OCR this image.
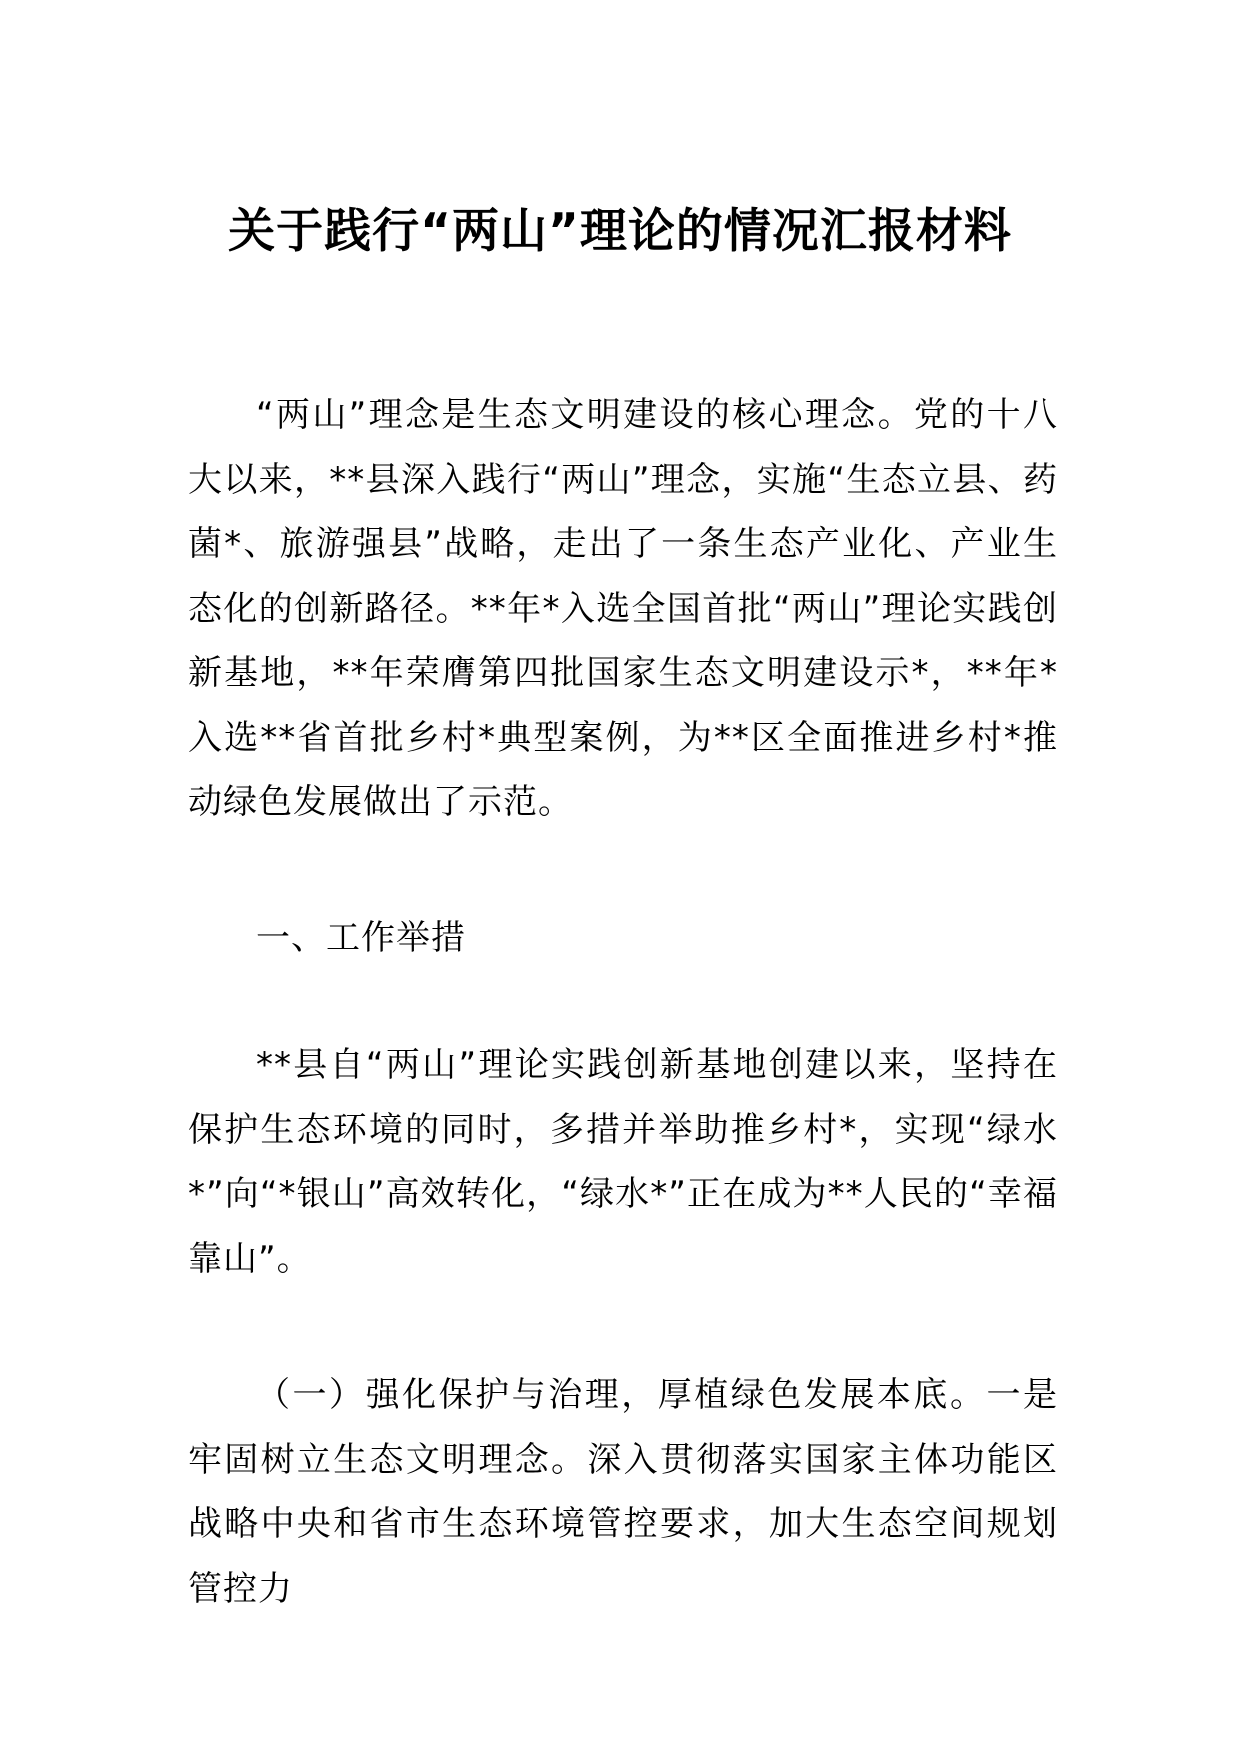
关于践行“两山”理论的情况汇报材料

“两山”理念是生态文明建设的核心理念。党的十八大以来，**县深入践行“两山”理念，实施“生态立县、药菌*、旅游强县”战略，走出了一条生态产业化、产业生态化的创新路径。**年*入选全国首批“两山”理论实践创新基地，**年荣膺第四批国家生态文明建设示*，**年*入选**省首批乡村*典型案例，为**区全面推进乡村*推动绿色发展做出了示范。

一、工作举措

**县自“两山”理论实践创新基地创建以来，坚持在保护生态环境的同时，多措并举助推乡村*，实现“绿水*”向“*银山”高效转化，“绿水*”正在成为**人民的“幸福靠山”。

（一）强化保护与治理，厚植绿色发展本底。一是牢固树立生态文明理念。深入贯彻落实国家主体功能区战略中央和省市生态环境管控要求，加大生态空间规划管控力
